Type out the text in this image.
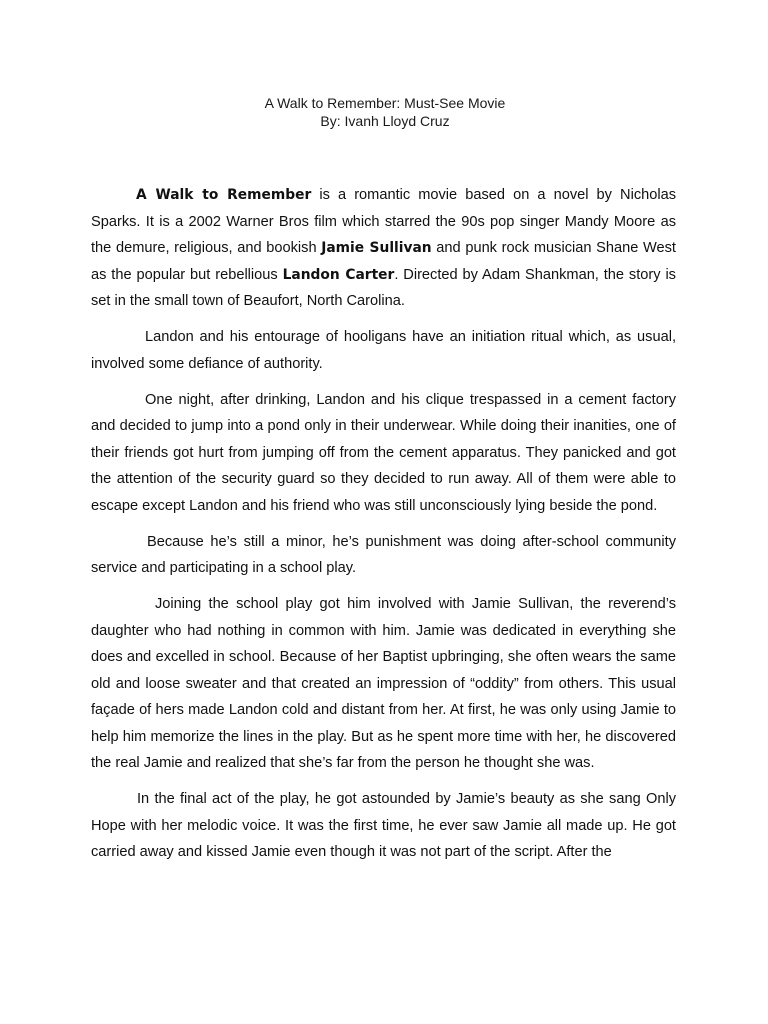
A Walk to Remember: Must-See Movie
By: Ivanh Lloyd Cruz

A Walk to Remember is a romantic movie based on a novel by Nicholas Sparks. It is a 2002 Warner Bros film which starred the 90s pop singer Mandy Moore as the demure, religious, and bookish Jamie Sullivan and punk rock musician Shane West as the popular but rebellious Landon Carter. Directed by Adam Shankman, the story is set in the small town of Beaufort, North Carolina.

Landon and his entourage of hooligans have an initiation ritual which, as usual, involved some defiance of authority.

One night, after drinking, Landon and his clique trespassed in a cement factory and decided to jump into a pond only in their underwear. While doing their inanities, one of their friends got hurt from jumping off from the cement apparatus. They panicked and got the attention of the security guard so they decided to run away. All of them were able to escape except Landon and his friend who was still unconsciously lying beside the pond.

Because he’s still a minor, he’s punishment was doing after-school community service and participating in a school play.

Joining the school play got him involved with Jamie Sullivan, the reverend’s daughter who had nothing in common with him. Jamie was dedicated in everything she does and excelled in school. Because of her Baptist upbringing, she often wears the same old and loose sweater and that created an impression of “oddity” from others. This usual façade of hers made Landon cold and distant from her. At first, he was only using Jamie to help him memorize the lines in the play. But as he spent more time with her, he discovered the real Jamie and realized that she’s far from the person he thought she was.

In the final act of the play, he got astounded by Jamie’s beauty as she sang Only Hope with her melodic voice. It was the first time, he ever saw Jamie all made up. He got carried away and kissed Jamie even though it was not part of the script. After the
